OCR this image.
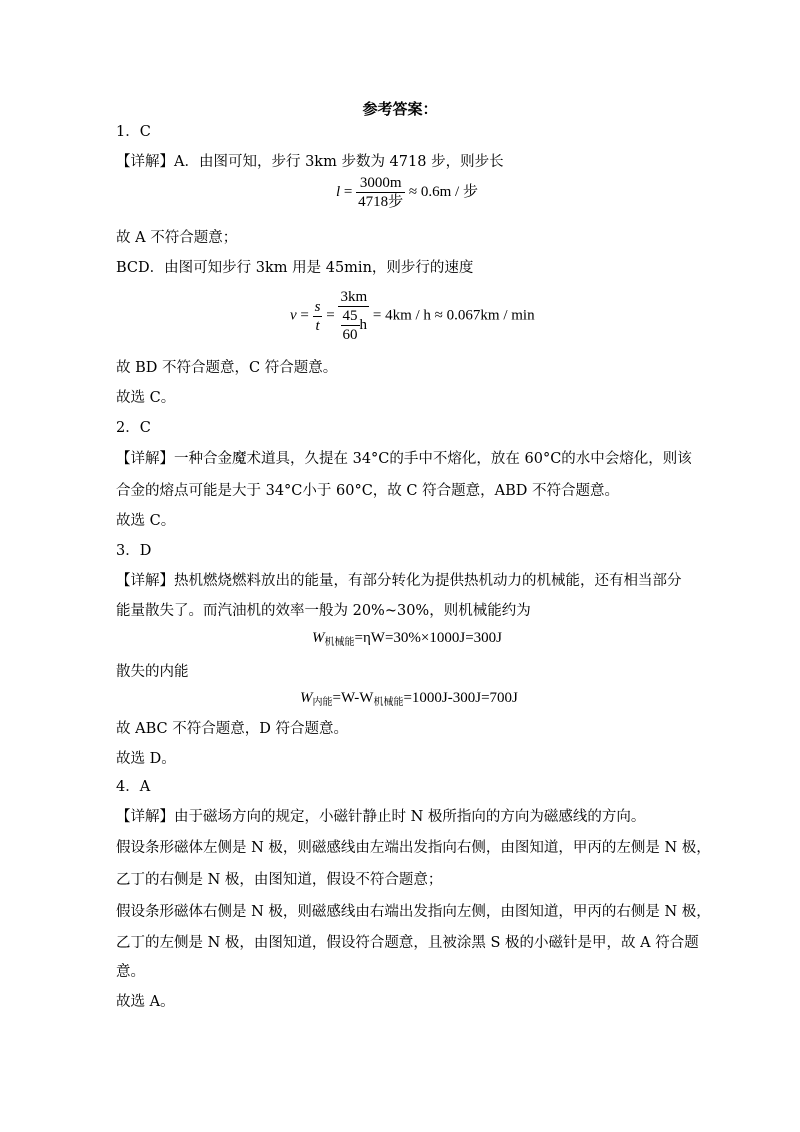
参考答案：
1．C
【详解】A．由图可知，步行 3km 步数为 4718 步，则步长
$l = \frac{3000m}{\text{4718步}} \approx 0.6m$ / 步
故 A 不符合题意；
BCD．由图可知步行 3km 用是 45min，则步行的速度
$v = \frac{s}{t} = \frac{3km}{\frac{45}{60} h} = 4km / h \approx 0.067km / \min$
故 BD 不符合题意，C 符合题意。
故选 C。
2．C
【详解】一种合金魔术道具，久提在 34°C的手中不熔化，放在 60°C的水中会熔化，则该
合金的熔点可能是大于 34°C小于 60°C，故 C 符合题意，ABD 不符合题意。
故选 C。
3．D
【详解】热机燃烧燃料放出的能量，有部分转化为提供热机动力的机械能，还有相当部分
能量散失了。而汽油机的效率一般为 20%~30%，则机械能约为
$W_{机械能}=\eta W=30\%\times 1000J=300J$
散失的内能
$W_{内能}=W-W_{机械能}=1000J-300J=700J$
故 ABC 不符合题意，D 符合题意。
故选 D。
4．A
【详解】由于磁场方向的规定，小磁针静止时 N 极所指向的方向为磁感线的方向。
假设条形磁体左侧是 N 极，则磁感线由左端出发指向右侧，由图知道，甲丙的左侧是 N 极，
乙丁的右侧是 N 极，由图知道，假设不符合题意；
假设条形磁体右侧是 N 极，则磁感线由右端出发指向左侧，由图知道，甲丙的右侧是 N 极，
乙丁的左侧是 N 极，由图知道，假设符合题意，且被涂黑 S 极的小磁针是甲，故 A 符合题
意。
故选 A。
